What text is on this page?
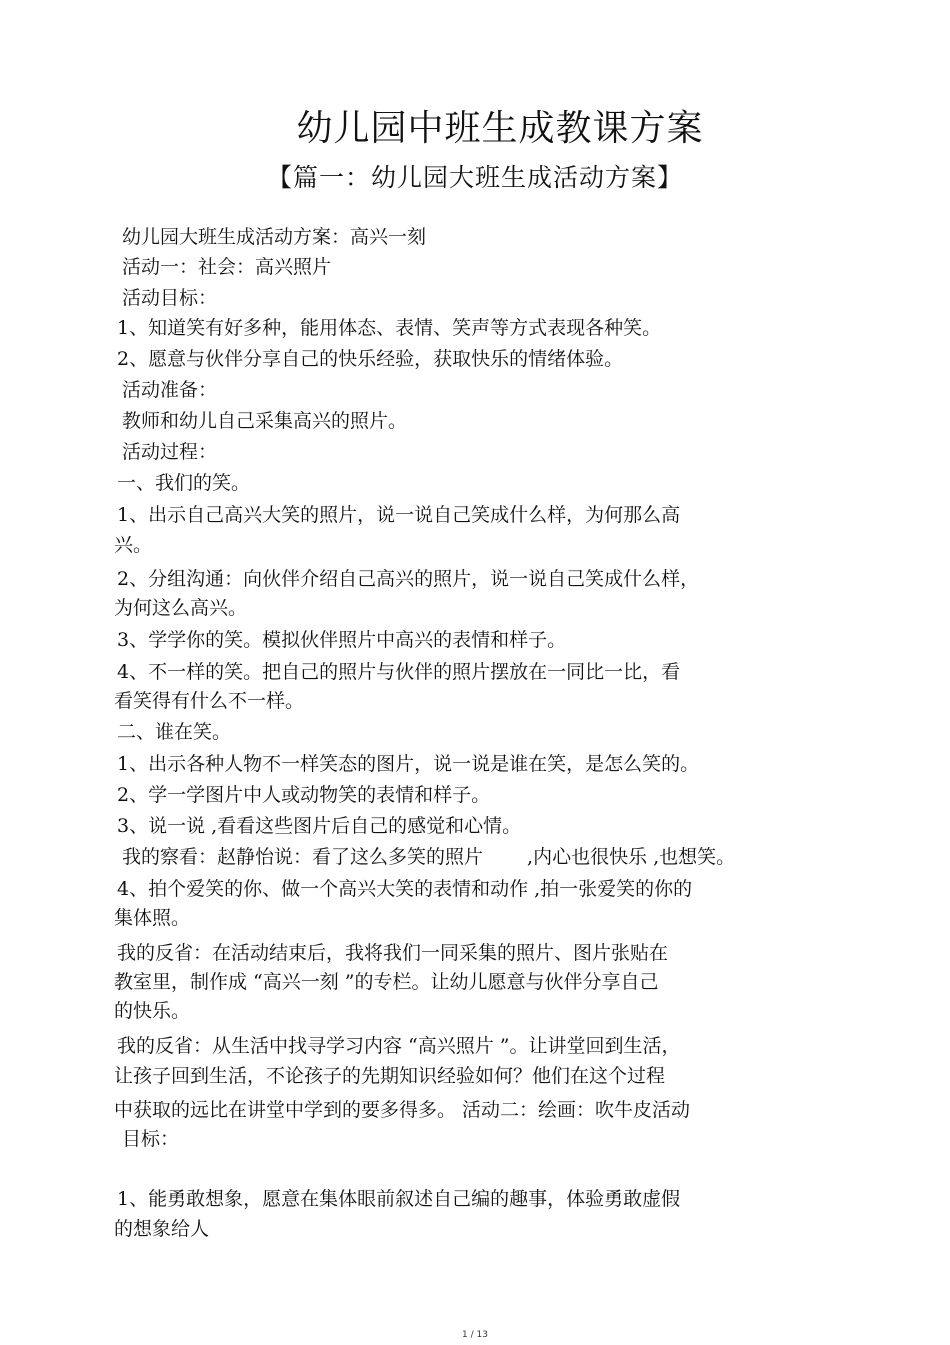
幼儿园中班生成教课方案
【篇一：幼儿园大班生成活动方案】
幼儿园大班生成活动方案：高兴一刻
活动一：社会：高兴照片
活动目标：
1、知道笑有好多种，能用体态、表情、笑声等方式表现各种笑。
2、愿意与伙伴分享自己的快乐经验，获取快乐的情绪体验。
活动准备：
教师和幼儿自己采集高兴的照片。
活动过程：
一、我们的笑。
1、出示自己高兴大笑的照片，说一说自己笑成什么样，为何那么高
兴。
2、分组沟通：向伙伴介绍自己高兴的照片，说一说自己笑成什么样，
为何这么高兴。
3、学学你的笑。模拟伙伴照片中高兴的表情和样子。
4、不一样的笑。把自己的照片与伙伴的照片摆放在一同比一比，看
看笑得有什么不一样。
二、谁在笑。
1、出示各种人物不一样笑态的图片，说一说是谁在笑，是怎么笑的。
2、学一学图片中人或动物笑的表情和样子。
3、说一说 ,看看这些图片后自己的感觉和心情。
我的察看：赵静怡说：看了这么多笑的照片 　　,内心也很快乐 ,也想笑。
4、拍个爱笑的你、做一个高兴大笑的表情和动作 ,拍一张爱笑的你的
集体照。
我的反省：在活动结束后，我将我们一同采集的照片、图片张贴在
教室里，制作成 “高兴一刻 ”的专栏。让幼儿愿意与伙伴分享自己
的快乐。
我的反省：从生活中找寻学习内容 “高兴照片 ”。让讲堂回到生活，
让孩子回到生活，不论孩子的先期知识经验如何？他们在这个过程
中获取的远比在讲堂中学到的要多得多。 活动二：绘画：吹牛皮活动
目标：
1、能勇敢想象，愿意在集体眼前叙述自己编的趣事，体验勇敢虚假
的想象给人
1 / 13
